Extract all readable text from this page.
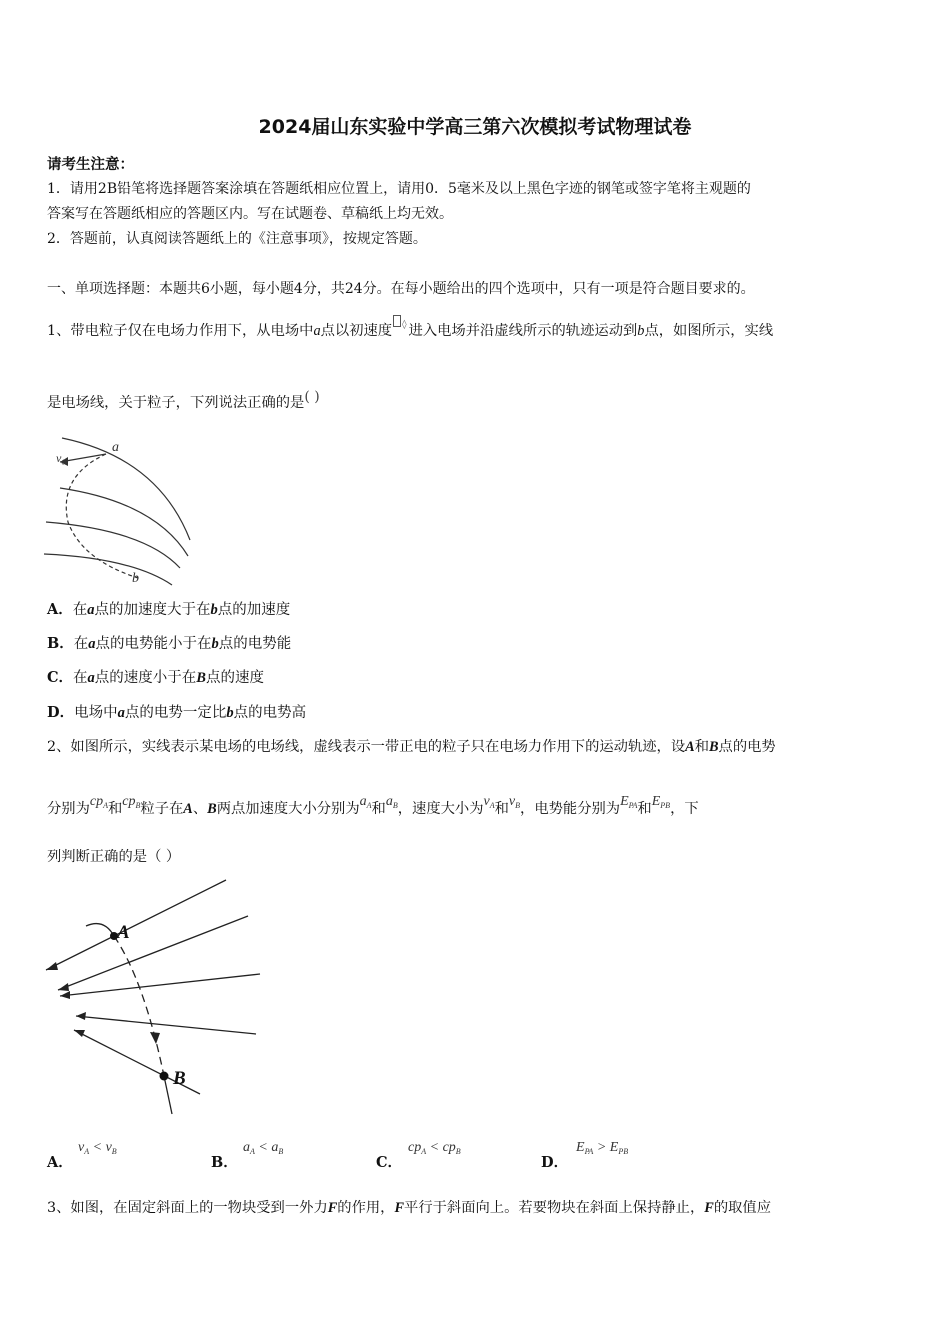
2024届山东实验中学高三第六次模拟考试物理试卷
请考生注意：
1．请用2B铅笔将选择题答案涂填在答题纸相应位置上，请用0．5毫米及以上黑色字迹的钢笔或签字笔将主观题的
答案写在答题纸相应的答题区内。写在试题卷、草稿纸上均无效。
2．答题前，认真阅读答题纸上的《注意事项》，按规定答题。
一、单项选择题：本题共6小题，每小题4分，共24分。在每小题给出的四个选项中，只有一项是符合题目要求的。
1、带电粒子仅在电场力作用下，从电场中a点以初速度 ◊ 进入电场并沿虚线所示的轨迹运动到b点，如图所示，实线
是电场线，关于粒子，下列说法正确的是( )
a
v₀
b
A．在a点的加速度大于在b点的加速度
B．在a点的电势能小于在b点的电势能
C．在a点的速度小于在B点的速度
D．电场中a点的电势一定比b点的电势高
2、如图所示，实线表示某电场的电场线，虚线表示一带正电的粒子只在电场力作用下的运动轨迹，设A和B点的电势
分别为$cp_A$和$cp_B$粒子在A、B两点加速度大小分别为$a_A$和$a_B$，速度大小为$v_A$和$v_B$，电势能分别为$E_{PA}$和$E_{PB}$，下
列判断正确的是（ ）
A
B
A．
$v_A < v_B$
B．
$a_A < a_B$
C．
$cp_A < cp_B$
D．
$E_{PA} > E_{PB}$
3、如图，在固定斜面上的一物块受到一外力F的作用，F平行于斜面向上。若要物块在斜面上保持静止，F的取值应
